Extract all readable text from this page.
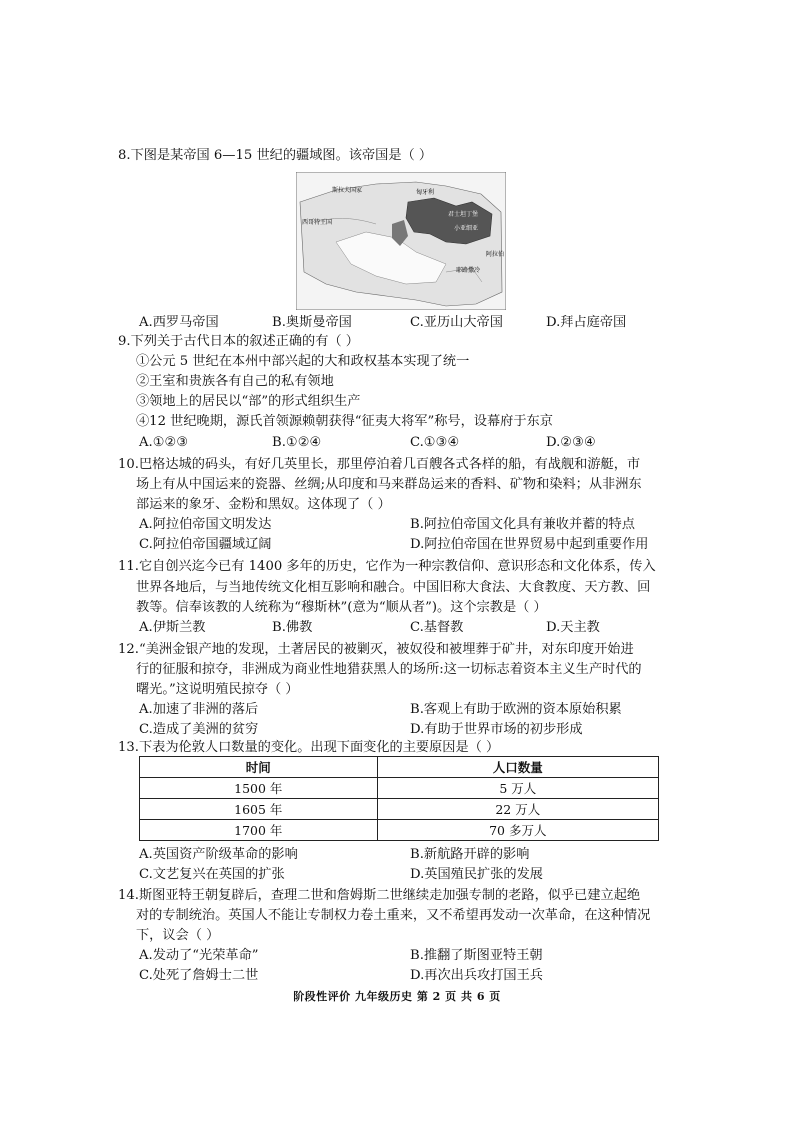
8.下图是某帝国 6—15 世纪的疆域图。该帝国是（ ）
斯拉夫国家
西哥特王国
君士坦丁堡
小亚细亚
耶路撒冷
阿拉伯
匈牙利
A.西罗马帝国	B.奥斯曼帝国	C.亚历山大帝国	D.拜占庭帝国
9.下列关于古代日本的叙述正确的有（ ）
①公元 5 世纪在本州中部兴起的大和政权基本实现了统一
②王室和贵族各有自己的私有领地
③领地上的居民以“部”的形式组织生产
④12 世纪晚期，源氏首领源赖朝获得“征夷大将军”称号，设幕府于东京
A.①②③	B.①②④	C.①③④	D.②③④
10.巴格达城的码头，有好几英里长，那里停泊着几百艘各式各样的船，有战舰和游艇，市
场上有从中国运来的瓷器、丝绸;从印度和马来群岛运来的香料、矿物和染料；从非洲东
部运来的象牙、金粉和黑奴。这体现了（ ）
A.阿拉伯帝国文明发达	B.阿拉伯帝国文化具有兼收并蓄的特点
C.阿拉伯帝国疆域辽阔	D.阿拉伯帝国在世界贸易中起到重要作用
11.它自创兴迄今已有 1400 多年的历史，它作为一种宗教信仰、意识形态和文化体系，传入
世界各地后，与当地传统文化相互影响和融合。中国旧称大食法、大食教度、天方教、回
教等。信奉该教的人统称为“穆斯林”(意为“顺从者”)。这个宗教是（ ）
A.伊斯兰教	B.佛教	C.基督教	D.天主教
12.“美洲金银产地的发现，土著居民的被剿灭，被奴役和被埋葬于矿井，对东印度开始进
行的征服和掠夺，非洲成为商业性地猎获黑人的场所:这一切标志着资本主义生产时代的
曙光。”这说明殖民掠夺（ ）
A.加速了非洲的落后	B.客观上有助于欧洲的资本原始积累
C.造成了美洲的贫穷	D.有助于世界市场的初步形成
13.下表为伦敦人口数量的变化。出现下面变化的主要原因是（ ）
时间	人口数量
1500 年	5 万人
1605 年	22 万人
1700 年	70 多万人
A.英国资产阶级革命的影响	B.新航路开辟的影响
C.文艺复兴在英国的扩张	D.英国殖民扩张的发展
14.斯图亚特王朝复辟后，查理二世和詹姆斯二世继续走加强专制的老路，似乎已建立起绝
对的专制统治。英国人不能让专制权力卷土重来，又不希望再发动一次革命，在这种情况
下，议会（ ）
A.发动了“光荣革命”	B.推翻了斯图亚特王朝
C.处死了詹姆士二世	D.再次出兵攻打国王兵
阶段性评价 九年级历史 第 2 页 共 6 页
